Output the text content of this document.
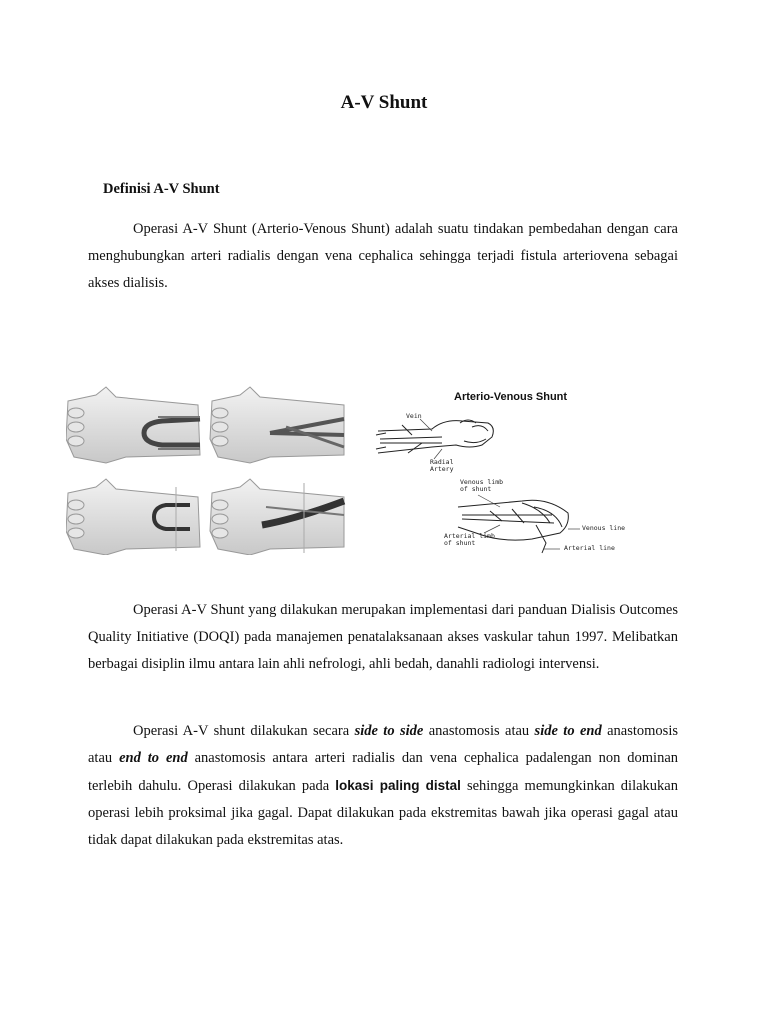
A-V Shunt
Definisi A-V Shunt

Operasi A-V Shunt (Arterio-Venous Shunt) adalah suatu tindakan pembedahan dengan cara menghubungkan arteri radialis dengan vena cephalica sehingga terjadi fistula arteriovena sebagai akses dialisis.

Arterio-Venous Shunt
Vein
Radial Artery
Venous limb of shunt
Venous line
Arterial limb of shunt
Arterial line

Operasi A-V Shunt yang dilakukan merupakan implementasi dari panduan Dialisis Outcomes Quality Initiative (DOQI) pada manajemen penatalaksanaan akses vaskular tahun 1997. Melibatkan berbagai disiplin ilmu antara lain ahli nefrologi, ahli bedah, danahli radiologi intervensi.

Operasi A-V shunt dilakukan secara side to side anastomosis atau side to end anastomosis atau end to end anastomosis antara arteri radialis dan vena cephalica padalengan non dominan terlebih dahulu. Operasi dilakukan pada lokasi paling distal sehingga memungkinkan dilakukan operasi lebih proksimal jika gagal. Dapat dilakukan pada ekstremitas bawah jika operasi gagal atau tidak dapat dilakukan pada ekstremitas atas.
